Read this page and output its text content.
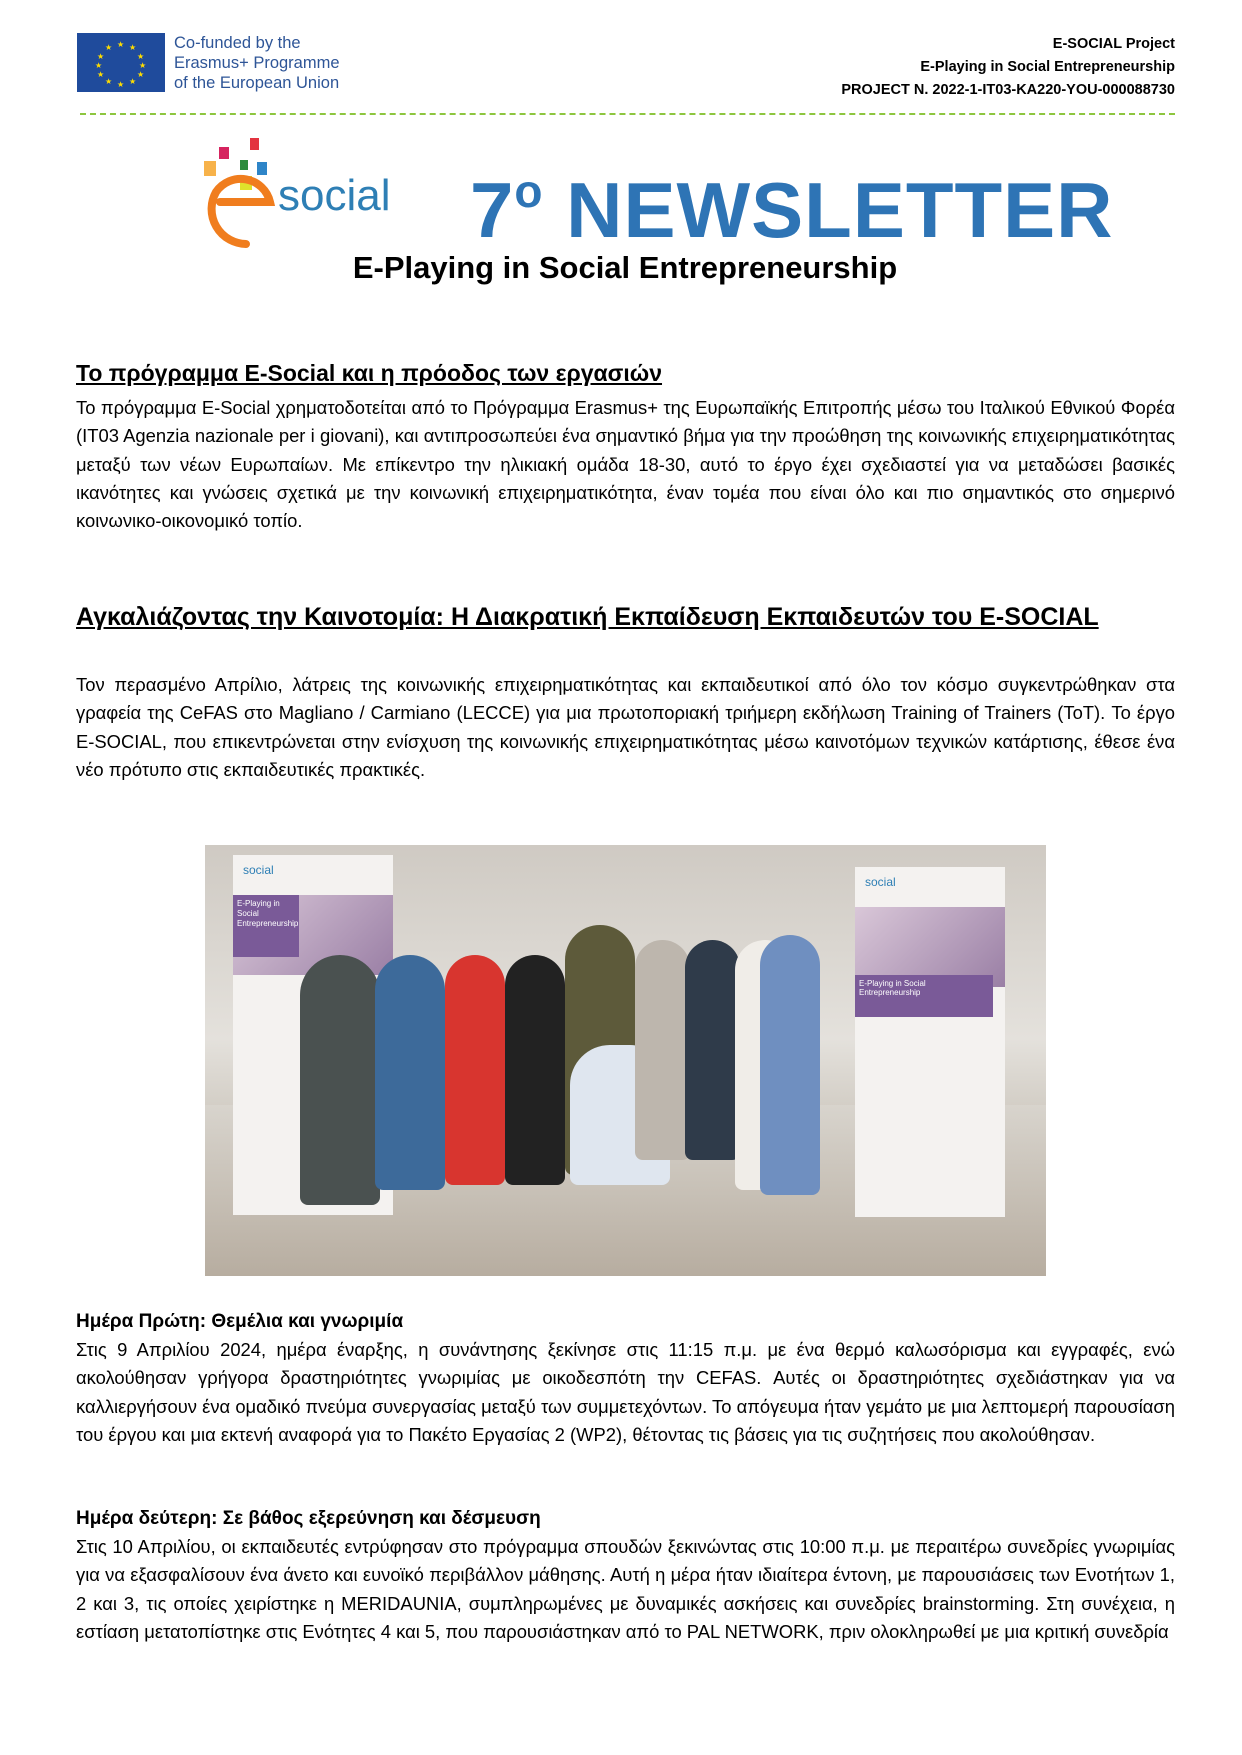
★ ★
★
★
★
★
★
★
★
★
★
★	Co-funded by the
Erasmus+ Programme
of the European Union
E-SOCIAL Project
E-Playing in Social Entrepreneurship
PROJECT N. 2022-1-IT03-KA220-YOU-000088730
social 7$^o$ NEWSLETTER
E-Playing in Social Entrepreneurship
Το πρόγραμμα E-Social και η πρόοδος των εργασιών
Το πρόγραμμα E-Social χρηματοδοτείται από το Πρόγραμμα Erasmus+ της Ευρωπαϊκής Επιτροπής μέσω του Ιταλικού Εθνικού Φορέα (IT03 Agenzia nazionale per i giovani), και αντιπροσωπεύει ένα σημαντικό βήμα για την προώθηση της κοινωνικής επιχειρηματικότητας μεταξύ των νέων Ευρωπαίων. Με επίκεντρο την ηλικιακή ομάδα 18-30, αυτό το έργο έχει σχεδιαστεί για να μεταδώσει βασικές ικανότητες και γνώσεις σχετικά με την κοινωνική επιχειρηματικότητα, έναν τομέα που είναι όλο και πιο σημαντικός στο σημερινό κοινωνικο-οικονομικό τοπίο.
Αγκαλιάζοντας την Καινοτομία: Η Διακρατική Εκπαίδευση Εκπαιδευτών του E-SOCIAL
Τον περασμένο Απρίλιο, λάτρεις της κοινωνικής επιχειρηματικότητας και εκπαιδευτικοί από όλο τον κόσμο συγκεντρώθηκαν στα γραφεία της CeFAS στο Magliano / Carmiano (LECCE) για μια πρωτοποριακή τριήμερη εκδήλωση Training of Trainers (ToT). Το έργο E-SOCIAL, που επικεντρώνεται στην ενίσχυση της κοινωνικής επιχειρηματικότητας μέσω καινοτόμων τεχνικών κατάρτισης, έθεσε ένα νέο πρότυπο στις εκπαιδευτικές πρακτικές.
social
E-Playing in Social Entrepreneurship
social
E-Playing in Social Entrepreneurship
Ημέρα Πρώτη: Θεμέλια και γνωριμία
Στις 9 Απριλίου 2024, ημέρα έναρξης, η συνάντησης ξεκίνησε στις 11:15 π.μ. με ένα θερμό καλωσόρισμα και εγγραφές, ενώ ακολούθησαν γρήγορα δραστηριότητες γνωριμίας με οικοδεσπότη την CEFAS. Αυτές οι δραστηριότητες σχεδιάστηκαν για να καλλιεργήσουν ένα ομαδικό πνεύμα συνεργασίας μεταξύ των συμμετεχόντων. Το απόγευμα ήταν γεμάτο με μια λεπτομερή παρουσίαση του έργου και μια εκτενή αναφορά για το Πακέτο Εργασίας 2 (WP2), θέτοντας τις βάσεις για τις συζητήσεις που ακολούθησαν.
Ημέρα δεύτερη: Σε βάθος εξερεύνηση και δέσμευση
Στις 10 Απριλίου, οι εκπαιδευτές εντρύφησαν στο πρόγραμμα σπουδών ξεκινώντας στις 10:00 π.μ. με περαιτέρω συνεδρίες γνωριμίας για να εξασφαλίσουν ένα άνετο και ευνοϊκό περιβάλλον μάθησης. Αυτή η μέρα ήταν ιδιαίτερα έντονη, με παρουσιάσεις των Ενοτήτων 1, 2 και 3, τις οποίες χειρίστηκε η MERIDAUNIA, συμπληρωμένες με δυναμικές ασκήσεις και συνεδρίες brainstorming. Στη συνέχεια, η εστίαση μετατοπίστηκε στις Ενότητες 4 και 5, που παρουσιάστηκαν από το PAL NETWORK, πριν ολοκληρωθεί με μια κριτική συνεδρία
